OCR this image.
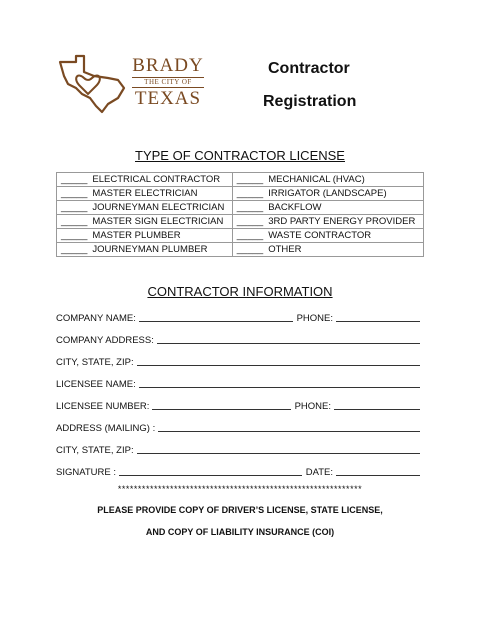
BRADY
THE CITY OF
TEXAS
Contractor
Registration
TYPE OF CONTRACTOR LICENSE
_____ ELECTRICAL CONTRACTOR	_____ MECHANICAL (HVAC)
_____ MASTER ELECTRICIAN	_____ IRRIGATOR (LANDSCAPE)
_____ JOURNEYMAN ELECTRICIAN	_____ BACKFLOW
_____ MASTER SIGN ELECTRICIAN	_____ 3RD PARTY ENERGY PROVIDER
_____ MASTER PLUMBER	_____ WASTE CONTRACTOR
_____ JOURNEYMAN PLUMBER	_____ OTHER
CONTRACTOR INFORMATION
COMPANY NAME:	PHONE:
COMPANY ADDRESS:
CITY, STATE, ZIP:
LICENSEE NAME:
LICENSEE NUMBER:	PHONE:
ADDRESS (MAILING) :
CITY, STATE, ZIP:
SIGNATURE :	DATE:
*************************************************************
PLEASE PROVIDE COPY OF DRIVER’S LICENSE, STATE LICENSE,
AND COPY OF LIABILITY INSURANCE (COI)
